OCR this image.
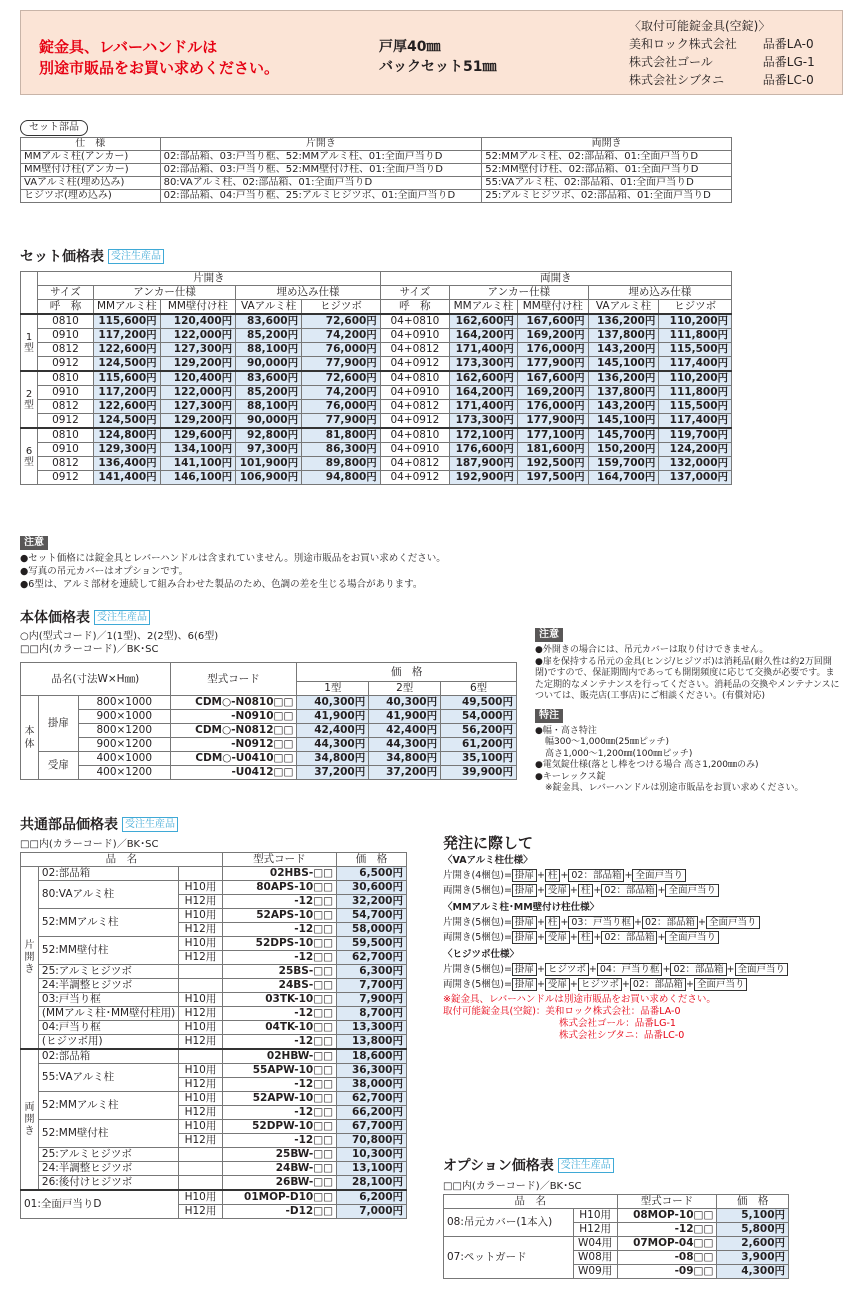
錠金具、レバーハンドルは
別途市販品をお買い求めください。
戸厚40㎜
バックセット51㎜
〈取付可能錠金具(空錠)〉
美和ロック株式会社	品番LA-0
株式会社ゴール	品番LG-1
株式会社シブタニ	品番LC-0
セット部品
仕　様	片開き	両開き
MMアルミ柱(アンカー)	02:部品箱、03:戸当り框、52:MMアルミ柱、01:全面戸当りD	52:MMアルミ柱、02:部品箱、01:全面戸当りD
MM壁付け柱(アンカー)	02:部品箱、03:戸当り框、52:MM壁付け柱、01:全面戸当りD	52:MM壁付け柱、02:部品箱、01:全面戸当りD
VAアルミ柱(埋め込み)	80:VAアルミ柱、02:部品箱、01:全面戸当りD	55:VAアルミ柱、02:部品箱、01:全面戸当りD
ヒジツボ(埋め込み)	02:部品箱、04:戸当り框、25:アルミヒジツボ、01:全面戸当りD	25:アルミヒジツボ、02:部品箱、01:全面戸当りD
セット価格表 受注生産品
	片開き					両開き				
	サイズ	アンカー仕様		埋め込み仕様		サイズ	アンカー仕様		埋め込み仕様	
	呼　称	MMアルミ柱	MM壁付け柱	VAアルミ柱	ヒジツボ	呼　称	MMアルミ柱	MM壁付け柱	VAアルミ柱	ヒジツボ
1型	0810	115,600円	120,400円	83,600円	72,600円	04+0810	162,600円	167,600円	136,200円	110,200円
	0910	117,200円	122,000円	85,200円	74,200円	04+0910	164,200円	169,200円	137,800円	111,800円
	0812	122,600円	127,300円	88,100円	76,000円	04+0812	171,400円	176,000円	143,200円	115,500円
	0912	124,500円	129,200円	90,000円	77,900円	04+0912	173,300円	177,900円	145,100円	117,400円
2型	0810	115,600円	120,400円	83,600円	72,600円	04+0810	162,600円	167,600円	136,200円	110,200円
	0910	117,200円	122,000円	85,200円	74,200円	04+0910	164,200円	169,200円	137,800円	111,800円
	0812	122,600円	127,300円	88,100円	76,000円	04+0812	171,400円	176,000円	143,200円	115,500円
	0912	124,500円	129,200円	90,000円	77,900円	04+0912	173,300円	177,900円	145,100円	117,400円
6型	0810	124,800円	129,600円	92,800円	81,800円	04+0810	172,100円	177,100円	145,700円	119,700円
	0910	129,300円	134,100円	97,300円	86,300円	04+0910	176,600円	181,600円	150,200円	124,200円
	0812	136,400円	141,100円	101,900円	89,800円	04+0812	187,900円	192,500円	159,700円	132,000円
	0912	141,400円	146,100円	106,900円	94,800円	04+0912	192,900円	197,500円	164,700円	137,000円
注意
●セット価格には錠金具とレバーハンドルは含まれていません。別途市販品をお買い求めください。
●写真の吊元カバーはオプションです。
●6型は、アルミ部材を連続して組み合わせた製品のため、色調の差を生じる場合があります。
本体価格表 受注生産品
○内(型式コード)／1(1型)、2(2型)、6(6型)
□□内(カラーコード)／BK･SC
品名(寸法W×H㎜)			型式コード	価　格		
				1型	2型	6型
本体	掛扉	800×1000	CDM○-N0810□□	40,300円	40,300円	49,500円
		900×1000	-N0910□□	41,900円	41,900円	54,000円
		800×1200	CDM○-N0812□□	42,400円	42,400円	56,200円
		900×1200	-N0912□□	44,300円	44,300円	61,200円
	受扉	400×1000	CDM○-U0410□□	34,800円	34,800円	35,100円
		400×1200	-U0412□□	37,200円	37,200円	39,900円
注意
●外開きの場合には、吊元カバーは取り付けできません。
●扉を保持する吊元の金具(ヒンジ/ヒジツボ)は消耗品(耐久性は約2万回開閉)ですので、保証期間内であっても開閉頻度に応じて交換が必要です。また定期的なメンテナンスを行ってください。消耗品の交換やメンテナンスについては、販売店(工事店)にご相談ください。(有償対応)
特注
●幅・高さ特注
幅300〜1,000㎜(25㎜ピッチ)
高さ1,000〜1,200㎜(100㎜ピッチ)
●電気錠仕様(落とし棒をつける場合 高さ1,200㎜のみ)
●キーレックス錠
※錠金具、レバーハンドルは別途市販品をお買い求めください。
共通部品価格表 受注生産品
□□内(カラーコード)／BK･SC
品　名			型式コード	価　格
片開き	02:部品箱		02HBS-□□	6,500円
	80:VAアルミ柱	H10用	80APS-10□□	30,600円
		H12用	-12□□	32,200円
	52:MMアルミ柱	H10用	52APS-10□□	54,700円
		H12用	-12□□	58,000円
	52:MM壁付柱	H10用	52DPS-10□□	59,500円
		H12用	-12□□	62,700円
	25:アルミヒジツボ		25BS-□□	6,300円
	24:半調整ヒジツボ		24BS-□□	7,700円
	03:戸当り框	H10用	03TK-10□□	7,900円
	(MMアルミ柱･MM壁付柱用)	H12用	-12□□	8,700円
	04:戸当り框	H10用	04TK-10□□	13,300円
	(ヒジツボ用)	H12用	-12□□	13,800円
両開き	02:部品箱		02HBW-□□	18,600円
	55:VAアルミ柱	H10用	55APW-10□□	36,300円
		H12用	-12□□	38,000円
	52:MMアルミ柱	H10用	52APW-10□□	62,700円
		H12用	-12□□	66,200円
	52:MM壁付柱	H10用	52DPW-10□□	67,700円
		H12用	-12□□	70,800円
	25:アルミヒジツボ		25BW-□□	10,300円
	24:半調整ヒジツボ		24BW-□□	13,100円
	26:後付けヒジツボ		26BW-□□	28,100円
01:全面戸当りD		H10用	01MOP-D10□□	6,200円
		H12用	-D12□□	7,000円
発注に際して
〈VAアルミ柱仕様〉
片開き(4梱包)= 掛扉 + 柱 + 02：部品箱 + 全面戸当り
両開き(5梱包)= 掛扉 + 受扉 + 柱 + 02：部品箱 + 全面戸当り
〈MMアルミ柱･MM壁付け柱仕様〉
片開き(5梱包)= 掛扉 + 柱 + 03：戸当り框 + 02：部品箱 + 全面戸当り
両開き(5梱包)= 掛扉 + 受扉 + 柱 + 02：部品箱 + 全面戸当り
〈ヒジツボ仕様〉
片開き(5梱包)= 掛扉 + ヒジツボ + 04：戸当り框 + 02：部品箱 + 全面戸当り
両開き(5梱包)= 掛扉 + 受扉 + ヒジツボ + 02：部品箱 + 全面戸当り
※錠金具、レバーハンドルは別途市販品をお買い求めください。
取付可能錠金具(空錠)：美和ロック株式会社：品番LA-0
株式会社ゴール：品番LG-1
株式会社シブタニ：品番LC-0
オプション価格表 受注生産品
□□内(カラーコード)／BK･SC
品　名		型式コード	価　格
08:吊元カバー(1本入)	H10用	08MOP-10□□	5,100円
	H12用	-12□□	5,800円
07:ペットガード	W04用	07MOP-04□□	2,600円
	W08用	-08□□	3,900円
	W09用	-09□□	4,300円
